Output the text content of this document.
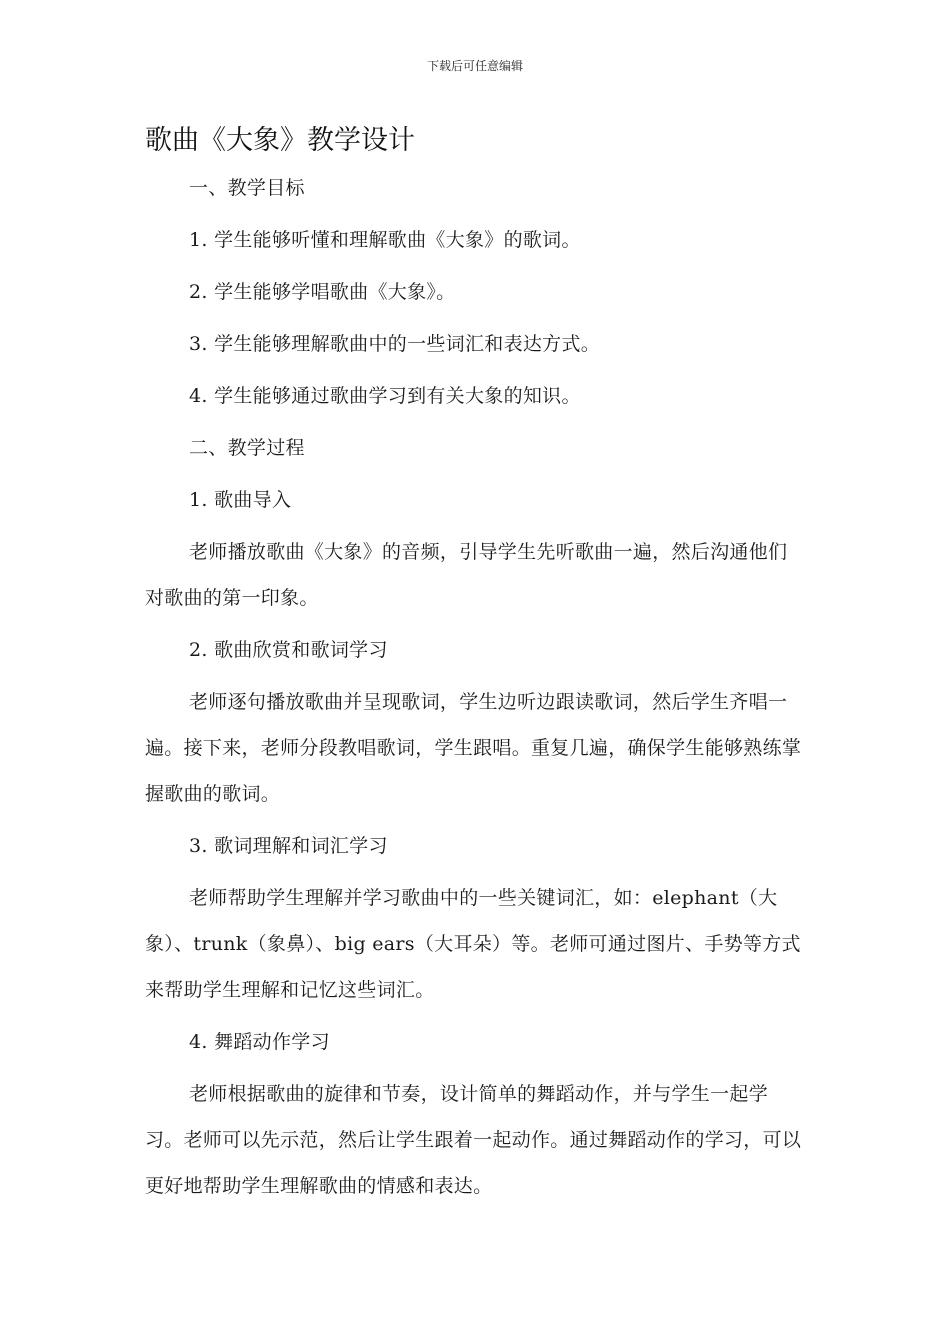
下载后可任意编辑
歌曲《大象》教学设计

一、教学目标

1. 学生能够听懂和理解歌曲《大象》的歌词。

2. 学生能够学唱歌曲《大象》。

3. 学生能够理解歌曲中的一些词汇和表达方式。

4. 学生能够通过歌曲学习到有关大象的知识。

二、教学过程

1. 歌曲导入

老师播放歌曲《大象》的音频，引导学生先听歌曲一遍，然后沟通他们对歌曲的第一印象。

2. 歌曲欣赏和歌词学习

老师逐句播放歌曲并呈现歌词，学生边听边跟读歌词，然后学生齐唱一遍。接下来，老师分段教唱歌词，学生跟唱。重复几遍，确保学生能够熟练掌握歌曲的歌词。

3. 歌词理解和词汇学习

老师帮助学生理解并学习歌曲中的一些关键词汇，如：elephant（大象）、trunk（象鼻）、big ears（大耳朵）等。老师可通过图片、手势等方式来帮助学生理解和记忆这些词汇。

4. 舞蹈动作学习

老师根据歌曲的旋律和节奏，设计简单的舞蹈动作，并与学生一起学习。老师可以先示范，然后让学生跟着一起动作。通过舞蹈动作的学习，可以更好地帮助学生理解歌曲的情感和表达。
